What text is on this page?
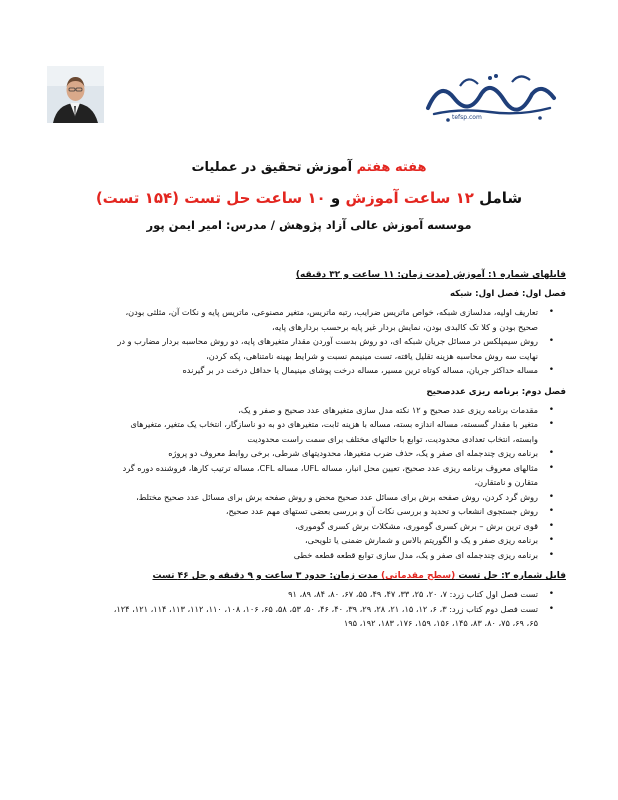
tefsp.com
هفته هفتم آموزش تحقیق در عملیات
شامل ۱۲ ساعت آموزش و ۱۰ ساعت حل تست (۱۵۴ تست)
موسسه آموزش عالی آزاد پژوهش / مدرس: امیر ایمن پور
فایلهای شماره ۱: آموزش (مدت زمان: ۱۱ ساعت و ۳۲ دقیقه)
فصل اول: فصل اول: شبکه
• تعاریف اولیه، مدلسازی شبکه، خواص ماتریس ضرایب، رتبه ماتریس، متغیر مصنوعی، ماتریس پایه و نکات آن، مثلثی بودن، صحیح بودن و کلا تک کالبدی بودن، نمایش بردار غیر پایه برحسب بردارهای پایه،
• روش سیمپلکس در مسائل جریان شبکه ای، دو روش بدست آوردن مقدار متغیرهای پایه، دو روش محاسبه بردار مضارب و در نهایت سه روش محاسبه هزینه تقلیل یافته، تست مینیمم نسبت و شرایط بهینه نامتناهی، پکه کردن،
• مساله حداکثر جریان، مساله کوتاه ترین مسیر، مساله درخت پوشای مینیمال یا حداقل درخت در بر گیرنده
فصل دوم: برنامه ریزی عددصحیح
• مقدمات برنامه ریزی عدد صحیح و ۱۲ نکته مدل سازی متغیرهای عدد صحیح و صفر و یک،
• متغیر با مقدار گسسته، مساله اندازه بسته، مساله با هزینه ثابت، متغیرهای دو به دو ناسازگار، انتخاب یک متغیر، متغیرهای وابسته، انتخاب تعدادی محدودیت، توابع با حالتهای مختلف برای سمت راست محدودیت
• برنامه ریزی چندجمله ای صفر و یک، حذف ضرب متغیرها، محدودیتهای شرطی، برخی روابط معروف دو پروژه
• مثالهای معروف برنامه ریزی عدد صحیح، تعیین محل انبار، مساله UFL، مساله CFL، مساله ترتیب کارها، فروشنده دوره گرد متقارن و نامتقارن،
• روش گرد کردن، روش صفحه برش برای مسائل عدد صحیح محض و روش صفحه برش برای مسائل عدد صحیح مختلط،
• روش جستجوی انشعاب و تحدید و بررسی نکات آن و بررسی بعضی تستهای مهم عدد صحیح،
• قوی ترین برش – برش کسری گوموری، مشکلات برش کسری گوموری،
• برنامه ریزی صفر و یک و الگوریتم بالاس و شمارش ضمنی یا تلویحی،
• برنامه ریزی چندجمله ای صفر و یک، مدل سازی توابع قطعه قطعه خطی
فایل شماره ۲: حل تست (سطح مقدماتی) مدت زمان: حدود ۳ ساعت و ۹ دقیقه و حل ۴۶ تست
• تست فصل اول کتاب زرد: ۷، ۲۰، ۲۵، ۳۳، ۴۷، ۴۹، ۵۵، ۶۷، ۸۰، ۸۴، ۸۹، ۹۱
• تست فصل دوم کتاب زرد: ۳، ۶، ۱۲، ۱۵، ۲۱، ۲۸، ۲۹، ۳۹، ۴۰، ۴۶، ۵۰، ۵۳، ۵۸، ۶۵، ۱۰۶، ۱۰۸، ۱۱۰، ۱۱۲، ۱۱۳، ۱۱۴، ۱۲۱، ۱۲۴، ۶۵، ۶۹، ۷۵، ۸۰، ۸۳، ۱۴۵، ۱۵۶، ۱۵۹، ۱۷۶، ۱۸۳، ۱۹۲، ۱۹۵
